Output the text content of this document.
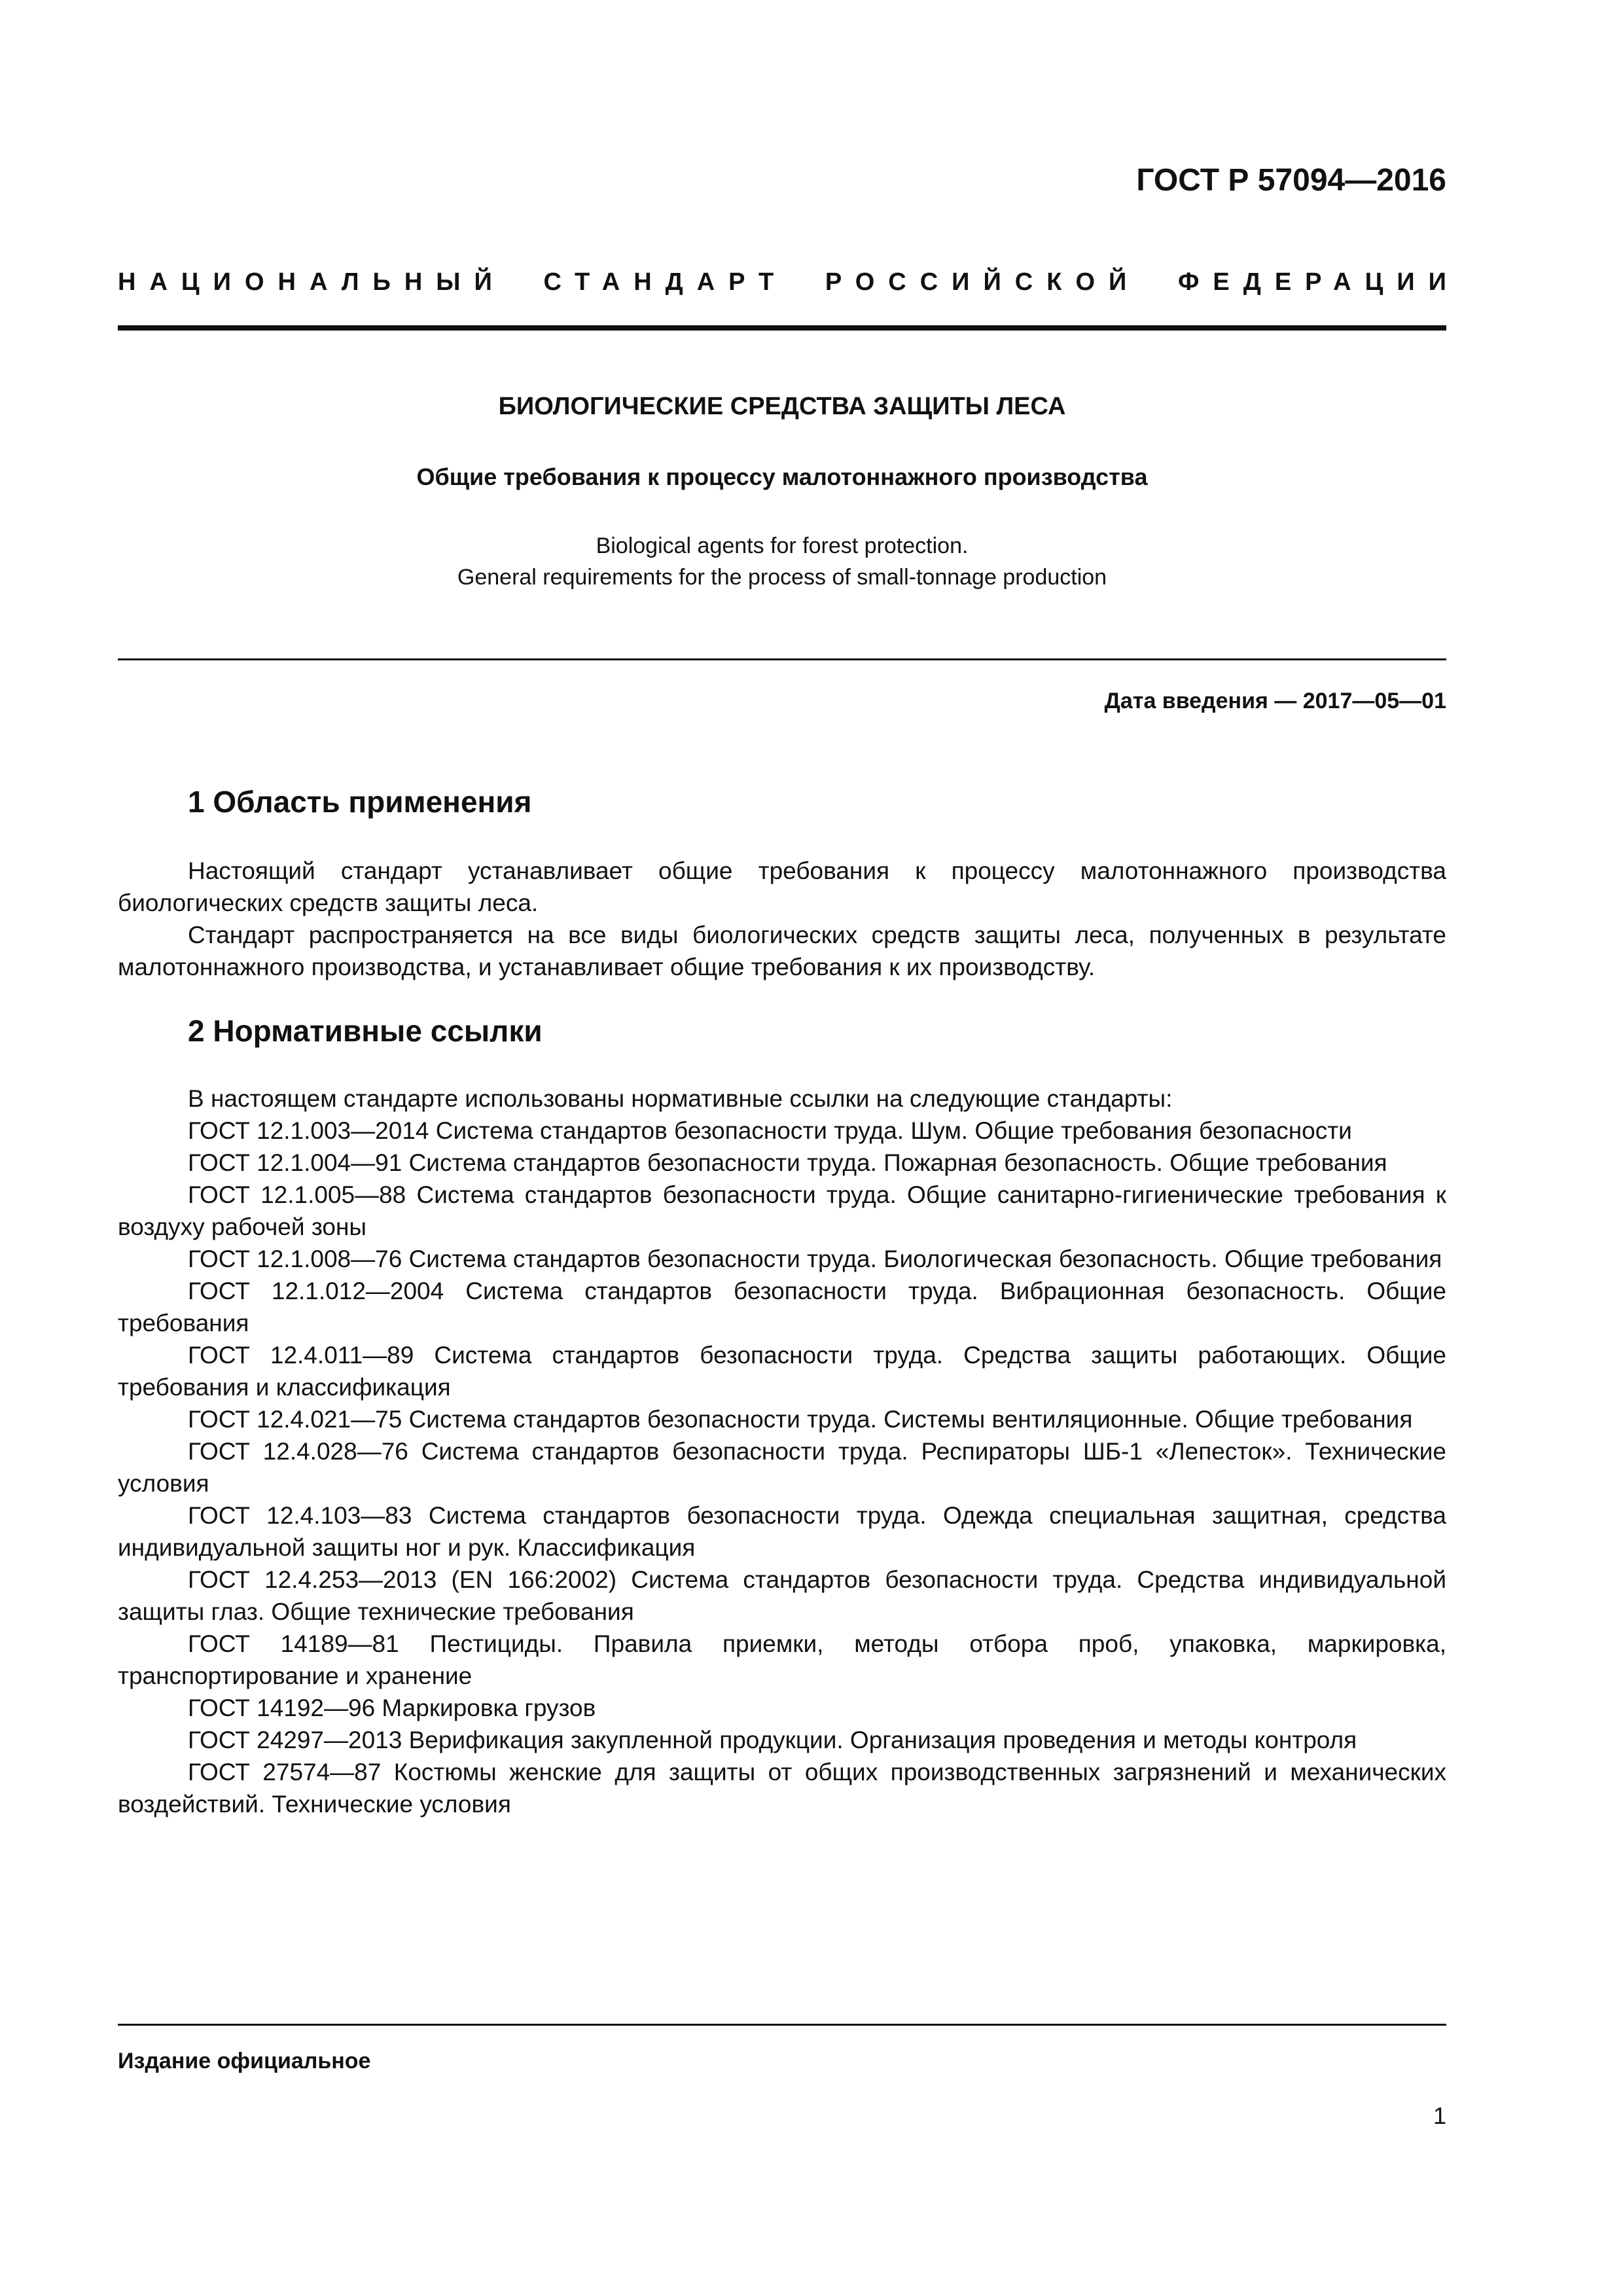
ГОСТ Р 57094—2016
НАЦИОНАЛЬНЫЙ СТАНДАРТ РОССИЙСКОЙ ФЕДЕРАЦИИ
БИОЛОГИЧЕСКИЕ СРЕДСТВА ЗАЩИТЫ ЛЕСА
Общие требования к процессу малотоннажного производства
Biological agents for forest protection.
General requirements for the process of small-tonnage production
Дата введения — 2017—05—01
1 Область применения

Настоящий стандарт устанавливает общие требования к процессу малотоннажного производства биологических средств защиты леса.

Стандарт распространяется на все виды биологических средств защиты леса, полученных в результате малотоннажного производства, и устанавливает общие требования к их производству.

2 Нормативные ссылки

В настоящем стандарте использованы нормативные ссылки на следующие стандарты:

ГОСТ 12.1.003—2014 Система стандартов безопасности труда. Шум. Общие требования безопасности

ГОСТ 12.1.004—91 Система стандартов безопасности труда. Пожарная безопасность. Общие требования

ГОСТ 12.1.005—88 Система стандартов безопасности труда. Общие санитарно-гигиенические требования к воздуху рабочей зоны

ГОСТ 12.1.008—76 Система стандартов безопасности труда. Биологическая безопасность. Общие требования

ГОСТ 12.1.012—2004 Система стандартов безопасности труда. Вибрационная безопасность. Общие требования

ГОСТ 12.4.011—89 Система стандартов безопасности труда. Средства защиты работающих. Общие требования и классификация

ГОСТ 12.4.021—75 Система стандартов безопасности труда. Системы вентиляционные. Общие требования

ГОСТ 12.4.028—76 Система стандартов безопасности труда. Респираторы ШБ-1 «Лепесток». Технические условия

ГОСТ 12.4.103—83 Система стандартов безопасности труда. Одежда специальная защитная, средства индивидуальной защиты ног и рук. Классификация

ГОСТ 12.4.253—2013 (EN 166:2002) Система стандартов безопасности труда. Средства индивидуальной защиты глаз. Общие технические требования

ГОСТ 14189—81 Пестициды. Правила приемки, методы отбора проб, упаковка, маркировка, транспортирование и хранение

ГОСТ 14192—96 Маркировка грузов

ГОСТ 24297—2013 Верификация закупленной продукции. Организация проведения и методы контроля

ГОСТ 27574—87 Костюмы женские для защиты от общих производственных загрязнений и механических воздействий. Технические условия

Издание официальное
1
